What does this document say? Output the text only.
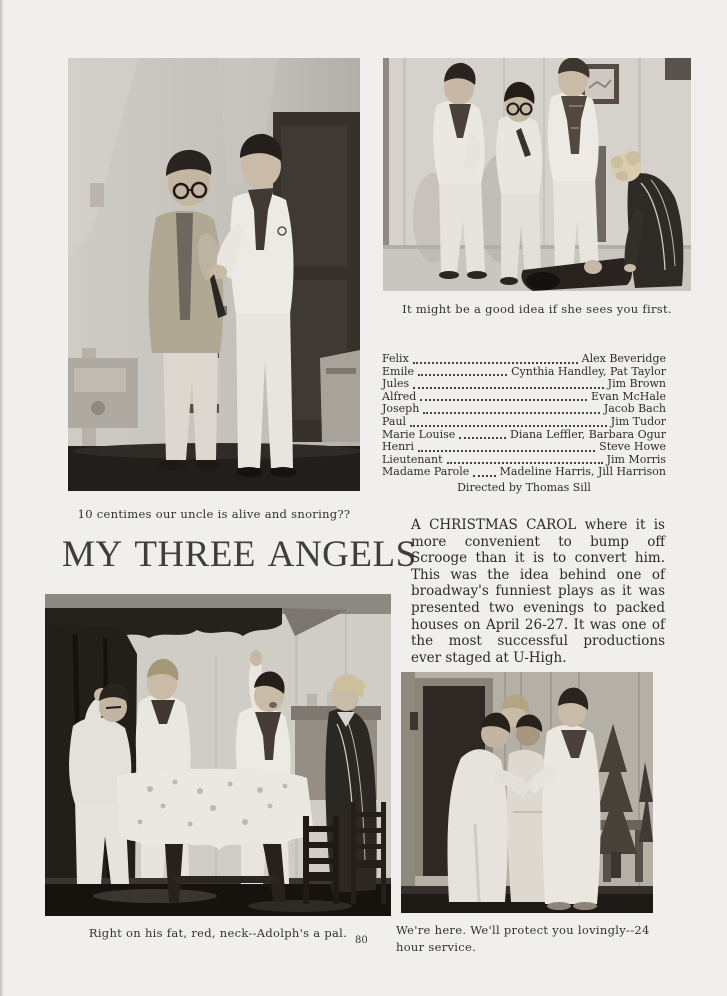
It might be a good idea if she sees you first.
Felix	Alex Beveridge
Emile	Cynthia Handley, Pat Taylor
Jules	Jim Brown
Alfred	Evan McHale
Joseph	Jacob Bach
Paul	Jim Tudor
Marie Louise	Diana Leffler, Barbara Ogur
Henri	Steve Howe
Lieutenant	Jim Morris
Madame Parole	Madeline Harris, Jill Harrison
Directed by Thomas Sill
10 centimes our uncle is alive and snoring??
MY THREE ANGELS

A CHRISTMAS CAROL where it is more convenient to bump off Scrooge than it is to convert him. This was the idea behind one of broadway's funniest plays as it was presented two evenings to packed houses on April 26-27. It was one of the most successful productions ever staged at U-High.

Right on his fat, red, neck--Adolph's a pal.
80
We're here. We'll protect you lovingly--24 hour service.
